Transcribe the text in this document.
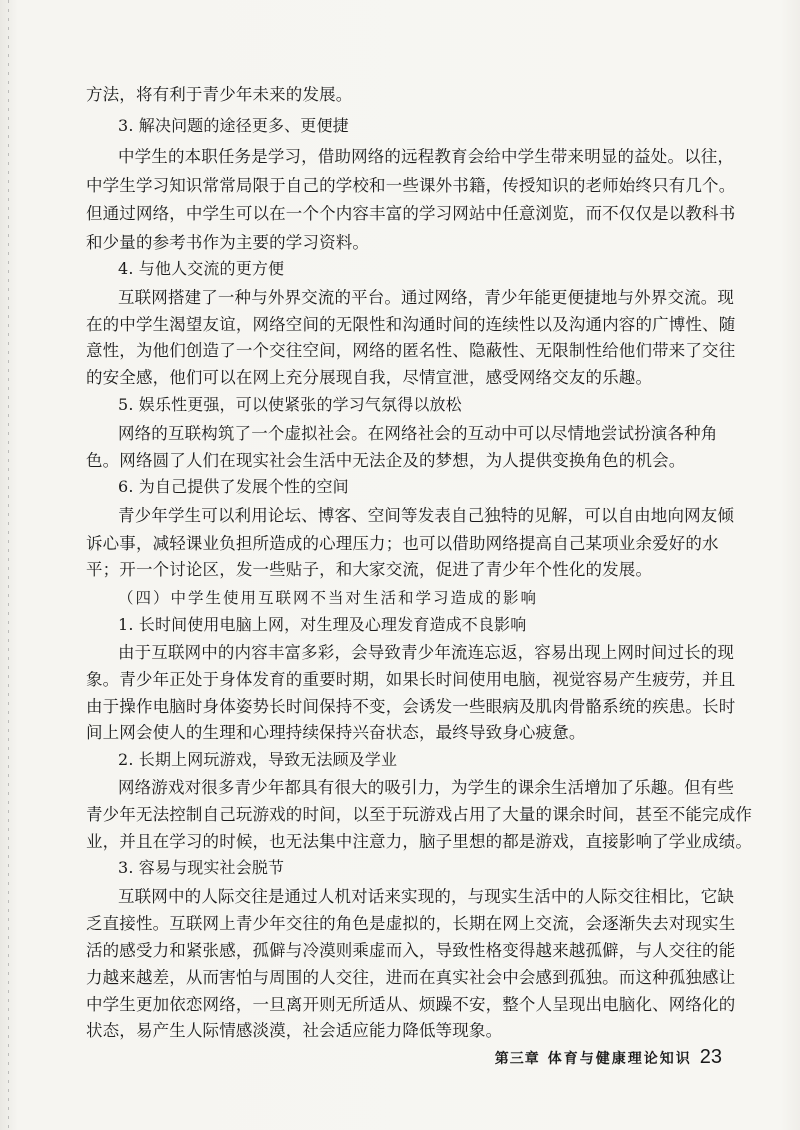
方法，将有利于青少年未来的发展。
3. 解决问题的途径更多、更便捷
中学生的本职任务是学习，借助网络的远程教育会给中学生带来明显的益处。以往，
中学生学习知识常常局限于自己的学校和一些课外书籍，传授知识的老师始终只有几个。
但通过网络，中学生可以在一个个内容丰富的学习网站中任意浏览，而不仅仅是以教科书
和少量的参考书作为主要的学习资料。
4. 与他人交流的更方便
互联网搭建了一种与外界交流的平台。通过网络，青少年能更便捷地与外界交流。现
在的中学生渴望友谊，网络空间的无限性和沟通时间的连续性以及沟通内容的广博性、随
意性，为他们创造了一个交往空间，网络的匿名性、隐蔽性、无限制性给他们带来了交往
的安全感，他们可以在网上充分展现自我，尽情宣泄，感受网络交友的乐趣。
5. 娱乐性更强，可以使紧张的学习气氛得以放松
网络的互联构筑了一个虚拟社会。在网络社会的互动中可以尽情地尝试扮演各种角
色。网络圆了人们在现实社会生活中无法企及的梦想，为人提供变换角色的机会。
6. 为自己提供了发展个性的空间
青少年学生可以利用论坛、博客、空间等发表自己独特的见解，可以自由地向网友倾
诉心事，减轻课业负担所造成的心理压力；也可以借助网络提高自己某项业余爱好的水
平；开一个讨论区，发一些贴子，和大家交流，促进了青少年个性化的发展。
（四）中学生使用互联网不当对生活和学习造成的影响
1. 长时间使用电脑上网，对生理及心理发育造成不良影响
由于互联网中的内容丰富多彩，会导致青少年流连忘返，容易出现上网时间过长的现
象。青少年正处于身体发育的重要时期，如果长时间使用电脑，视觉容易产生疲劳，并且
由于操作电脑时身体姿势长时间保持不变，会诱发一些眼病及肌肉骨骼系统的疾患。长时
间上网会使人的生理和心理持续保持兴奋状态，最终导致身心疲惫。
2. 长期上网玩游戏，导致无法顾及学业
网络游戏对很多青少年都具有很大的吸引力，为学生的课余生活增加了乐趣。但有些
青少年无法控制自己玩游戏的时间，以至于玩游戏占用了大量的课余时间，甚至不能完成作
业，并且在学习的时候，也无法集中注意力，脑子里想的都是游戏，直接影响了学业成绩。
3. 容易与现实社会脱节
互联网中的人际交往是通过人机对话来实现的，与现实生活中的人际交往相比，它缺
乏直接性。互联网上青少年交往的角色是虚拟的，长期在网上交流，会逐渐失去对现实生
活的感受力和紧张感，孤僻与冷漠则乘虚而入，导致性格变得越来越孤僻，与人交往的能
力越来越差，从而害怕与周围的人交往，进而在真实社会中会感到孤独。而这种孤独感让
中学生更加依恋网络，一旦离开则无所适从、烦躁不安，整个人呈现出电脑化、网络化的
状态，易产生人际情感淡漠，社会适应能力降低等现象。
第三章 体育与健康理论知识 23
